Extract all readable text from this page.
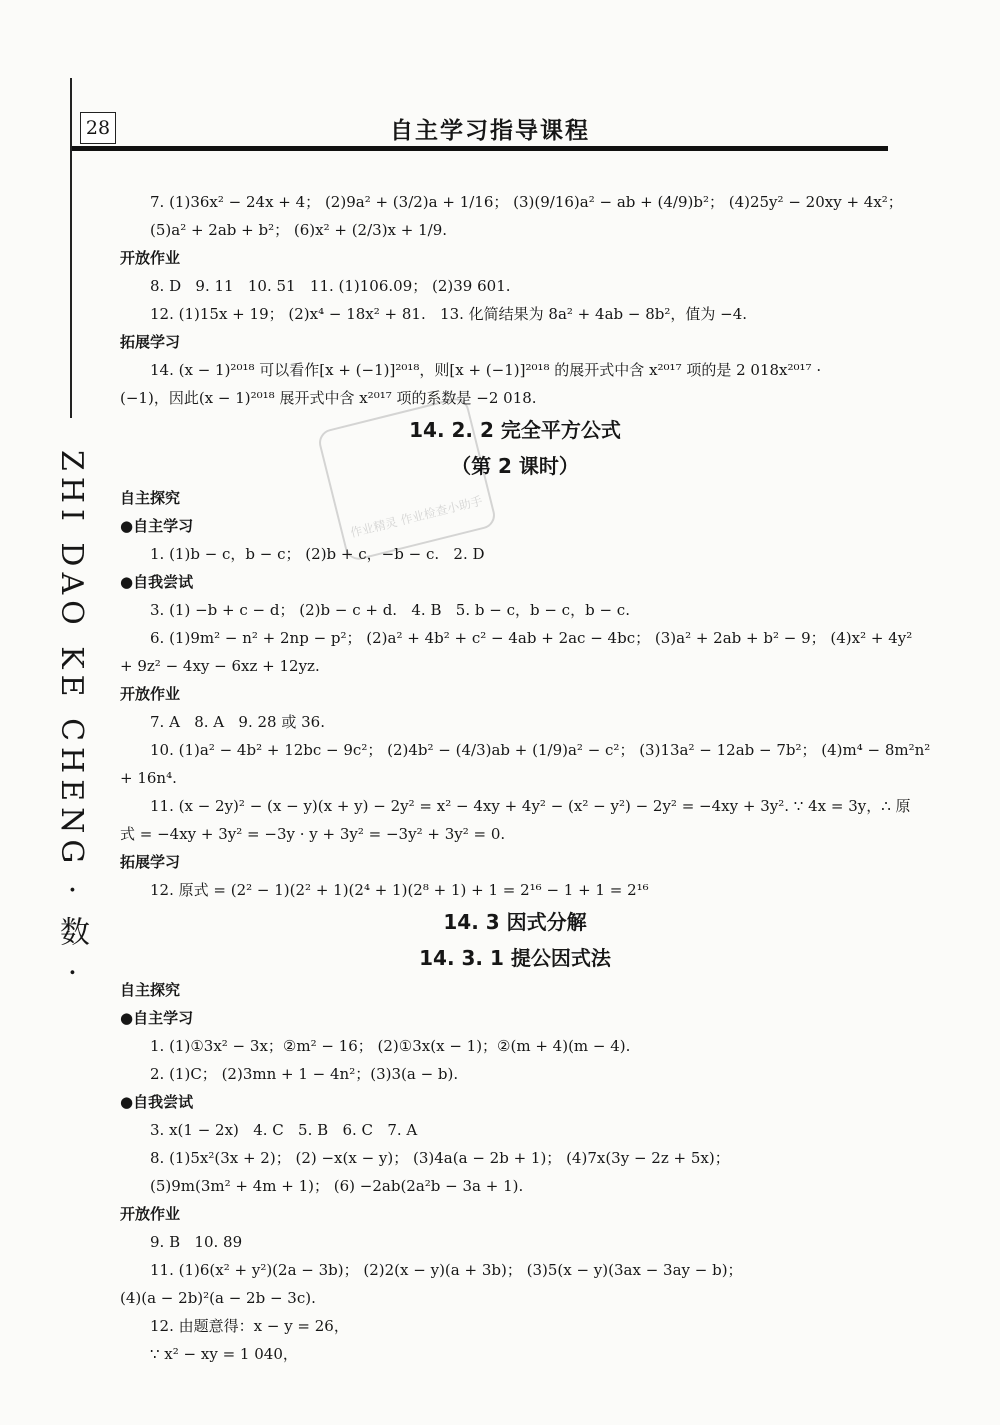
28	自主学习指导课程
ZHI DAO KE CHENG · 数 ·	作业精灵 作业检查小助手
7. (1)36x² − 24x + 4； (2)9a² + (3/2)a + 1/16； (3)(9/16)a² − ab + (4/9)b²； (4)25y² − 20xy + 4x²；
(5)a² + 2ab + b²； (6)x² + (2/3)x + 1/9.
开放作业
8. D   9. 11   10. 51   11. (1)106.09； (2)39 601.
12. (1)15x + 19； (2)x⁴ − 18x² + 81.   13. 化简结果为 8a² + 4ab − 8b²，值为 −4.
拓展学习
14. (x − 1)²⁰¹⁸ 可以看作[x + (−1)]²⁰¹⁸，则[x + (−1)]²⁰¹⁸ 的展开式中含 x²⁰¹⁷ 项的是 2 018x²⁰¹⁷ ·
(−1)，因此(x − 1)²⁰¹⁸ 展开式中含 x²⁰¹⁷ 项的系数是 −2 018.
14. 2. 2 完全平方公式
（第 2 课时）
自主探究
●自主学习
1. (1)b − c，b − c； (2)b + c，−b − c.   2. D
●自我尝试
3. (1) −b + c − d； (2)b − c + d.   4. B   5. b − c，b − c，b − c.
6. (1)9m² − n² + 2np − p²； (2)a² + 4b² + c² − 4ab + 2ac − 4bc； (3)a² + 2ab + b² − 9； (4)x² + 4y²
+ 9z² − 4xy − 6xz + 12yz.
开放作业
7. A   8. A   9. 28 或 36.
10. (1)a² − 4b² + 12bc − 9c²； (2)4b² − (4/3)ab + (1/9)a² − c²； (3)13a² − 12ab − 7b²； (4)m⁴ − 8m²n²
+ 16n⁴.
11. (x − 2y)² − (x − y)(x + y) − 2y² = x² − 4xy + 4y² − (x² − y²) − 2y² = −4xy + 3y². ∵ 4x = 3y，∴ 原
式 = −4xy + 3y² = −3y · y + 3y² = −3y² + 3y² = 0.
拓展学习
12. 原式 = (2² − 1)(2² + 1)(2⁴ + 1)(2⁸ + 1) + 1 = 2¹⁶ − 1 + 1 = 2¹⁶
14. 3 因式分解
14. 3. 1 提公因式法
自主探究
●自主学习
1. (1)①3x² − 3x；②m² − 16； (2)①3x(x − 1)；②(m + 4)(m − 4).
2. (1)C； (2)3mn + 1 − 4n²；(3)3(a − b).
●自我尝试
3. x(1 − 2x)   4. C   5. B   6. C   7. A
8. (1)5x²(3x + 2)； (2) −x(x − y)； (3)4a(a − 2b + 1)； (4)7x(3y − 2z + 5x)；
(5)9m(3m² + 4m + 1)； (6) −2ab(2a²b − 3a + 1).
开放作业
9. B   10. 89
11. (1)6(x² + y²)(2a − 3b)； (2)2(x − y)(a + 3b)； (3)5(x − y)(3ax − 3ay − b)；
(4)(a − 2b)²(a − 2b − 3c).
12. 由题意得：x − y = 26，
∵ x² − xy = 1 040，
